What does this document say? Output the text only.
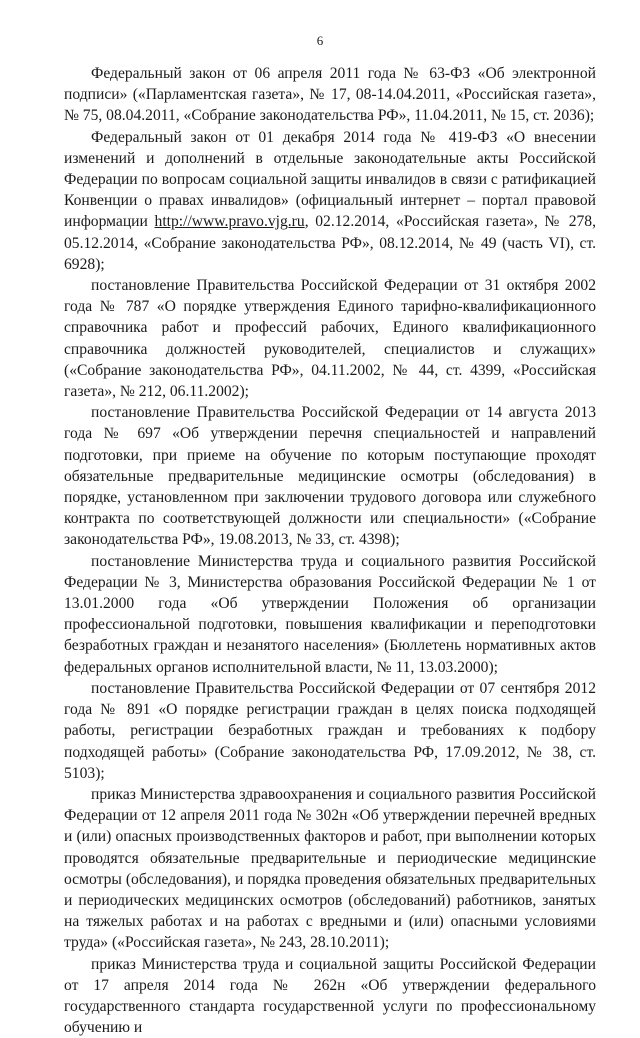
6

Федеральный закон от 06 апреля 2011 года № 63-ФЗ «Об электронной подписи» («Парламентская газета», № 17, 08-14.04.2011, «Российская газета», № 75, 08.04.2011, «Собрание законодательства РФ», 11.04.2011, № 15, ст. 2036);

Федеральный закон от 01 декабря 2014 года № 419-ФЗ «О внесении изменений и дополнений в отдельные законодательные акты Российской Федерации по вопросам социальной защиты инвалидов в связи с ратификацией Конвенции о правах инвалидов» (официальный интернет – портал правовой информации http://www.pravo.vjg.ru, 02.12.2014, «Российская газета», № 278, 05.12.2014, «Собрание законодательства РФ», 08.12.2014, № 49 (часть VI), ст. 6928);

постановление Правительства Российской Федерации от 31 октября 2002 года № 787 «О порядке утверждения Единого тарифно-квалификационного справочника работ и профессий рабочих, Единого квалификационного справочника должностей руководителей, специалистов и служащих» («Собрание законодательства РФ», 04.11.2002, № 44, ст. 4399, «Российская газета», № 212, 06.11.2002);

постановление Правительства Российской Федерации от 14 августа 2013 года № 697 «Об утверждении перечня специальностей и направлений подготовки, при приеме на обучение по которым поступающие проходят обязательные предварительные медицинские осмотры (обследования) в порядке, установленном при заключении трудового договора или служебного контракта по соответствующей должности или специальности» («Собрание законодательства РФ», 19.08.2013, № 33, ст. 4398);

постановление Министерства труда и социального развития Российской Федерации № 3, Министерства образования Российской Федерации № 1 от 13.01.2000 года «Об утверждении Положения об организации профессиональной подготовки, повышения квалификации и переподготовки безработных граждан и незанятого населения» (Бюллетень нормативных актов федеральных органов исполнительной власти, № 11, 13.03.2000);

постановление Правительства Российской Федерации от 07 сентября 2012 года № 891 «О порядке регистрации граждан в целях поиска подходящей работы, регистрации безработных граждан и требованиях к подбору подходящей работы» (Собрание законодательства РФ, 17.09.2012, № 38, ст. 5103);

приказ Министерства здравоохранения и социального развития Российской Федерации от 12 апреля 2011 года № 302н «Об утверждении перечней вредных и (или) опасных производственных факторов и работ, при выполнении которых проводятся обязательные предварительные и периодические медицинские осмотры (обследования), и порядка проведения обязательных предварительных и периодических медицинских осмотров (обследований) работников, занятых на тяжелых работах и на работах с вредными и (или) опасными условиями труда» («Российская газета», № 243, 28.10.2011);

приказ Министерства труда и социальной защиты Российской Федерации от 17 апреля 2014 года № 262н «Об утверждении федерального государственного стандарта государственной услуги по профессиональному обучению и
